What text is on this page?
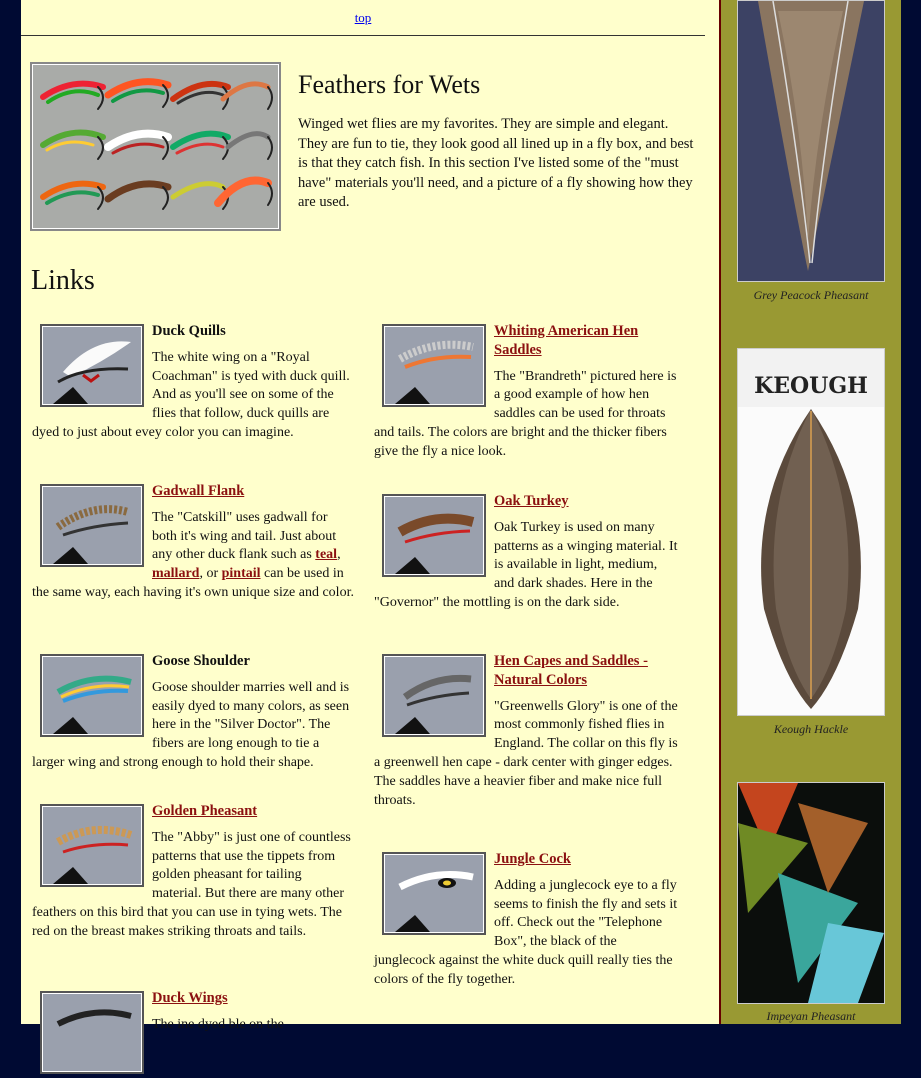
top
Feathers for Wets
Winged wet flies are my favorites. They are simple and elegant. They are fun to tie, they look good all lined up in a fly box, and best is that they catch fish. In this section I've listed some of the "must have" materials you'll need, and a picture of a fly showing how they are used.
Links
Duck Quills
The white wing on a "Royal Coachman" is tyed with duck quill. And as you'll see on some of the flies that follow, duck quills are dyed to just about evey color you can imagine.
Gadwall Flank
The "Catskill" uses gadwall for both it's wing and tail. Just about any other duck flank such as teal, mallard, or pintail can be used in the same way, each having it's own unique size and color.
Goose Shoulder
Goose shoulder marries well and is easily dyed to many colors, as seen here in the "Silver Doctor". The fibers are long enough to tie a larger wing and strong enough to hold their shape.
Golden Pheasant
The "Abby" is just one of countless patterns that use the tippets from golden pheasant for tailing material. But there are many other feathers on this bird that you can use in tying wets. The red on the breast makes striking throats and tails.
Duck Wings
The ine dyed ble on the
Whiting American Hen Saddles
The "Brandreth" pictured here is a good example of how hen saddles can be used for throats and tails. The colors are bright and the thicker fibers give the fly a nice look.
Oak Turkey
Oak Turkey is used on many patterns as a winging material. It is available in light, medium, and dark shades. Here in the "Governor" the mottling is on the dark side.
Hen Capes and Saddles - Natural Colors
"Greenwells Glory" is one of the most commonly fished flies in England. The collar on this fly is a greenwell hen cape - dark center with ginger edges. The saddles have a heavier fiber and make nice full throats.
Jungle Cock
Adding a junglecock eye to a fly seems to finish the fly and sets it off. Check out the "Telephone Box", the black of the junglecock against the white duck quill really ties the colors of the fly together.
Grey Peacock Pheasant
KEOUGH
Keough Hackle
Impeyan Pheasant
